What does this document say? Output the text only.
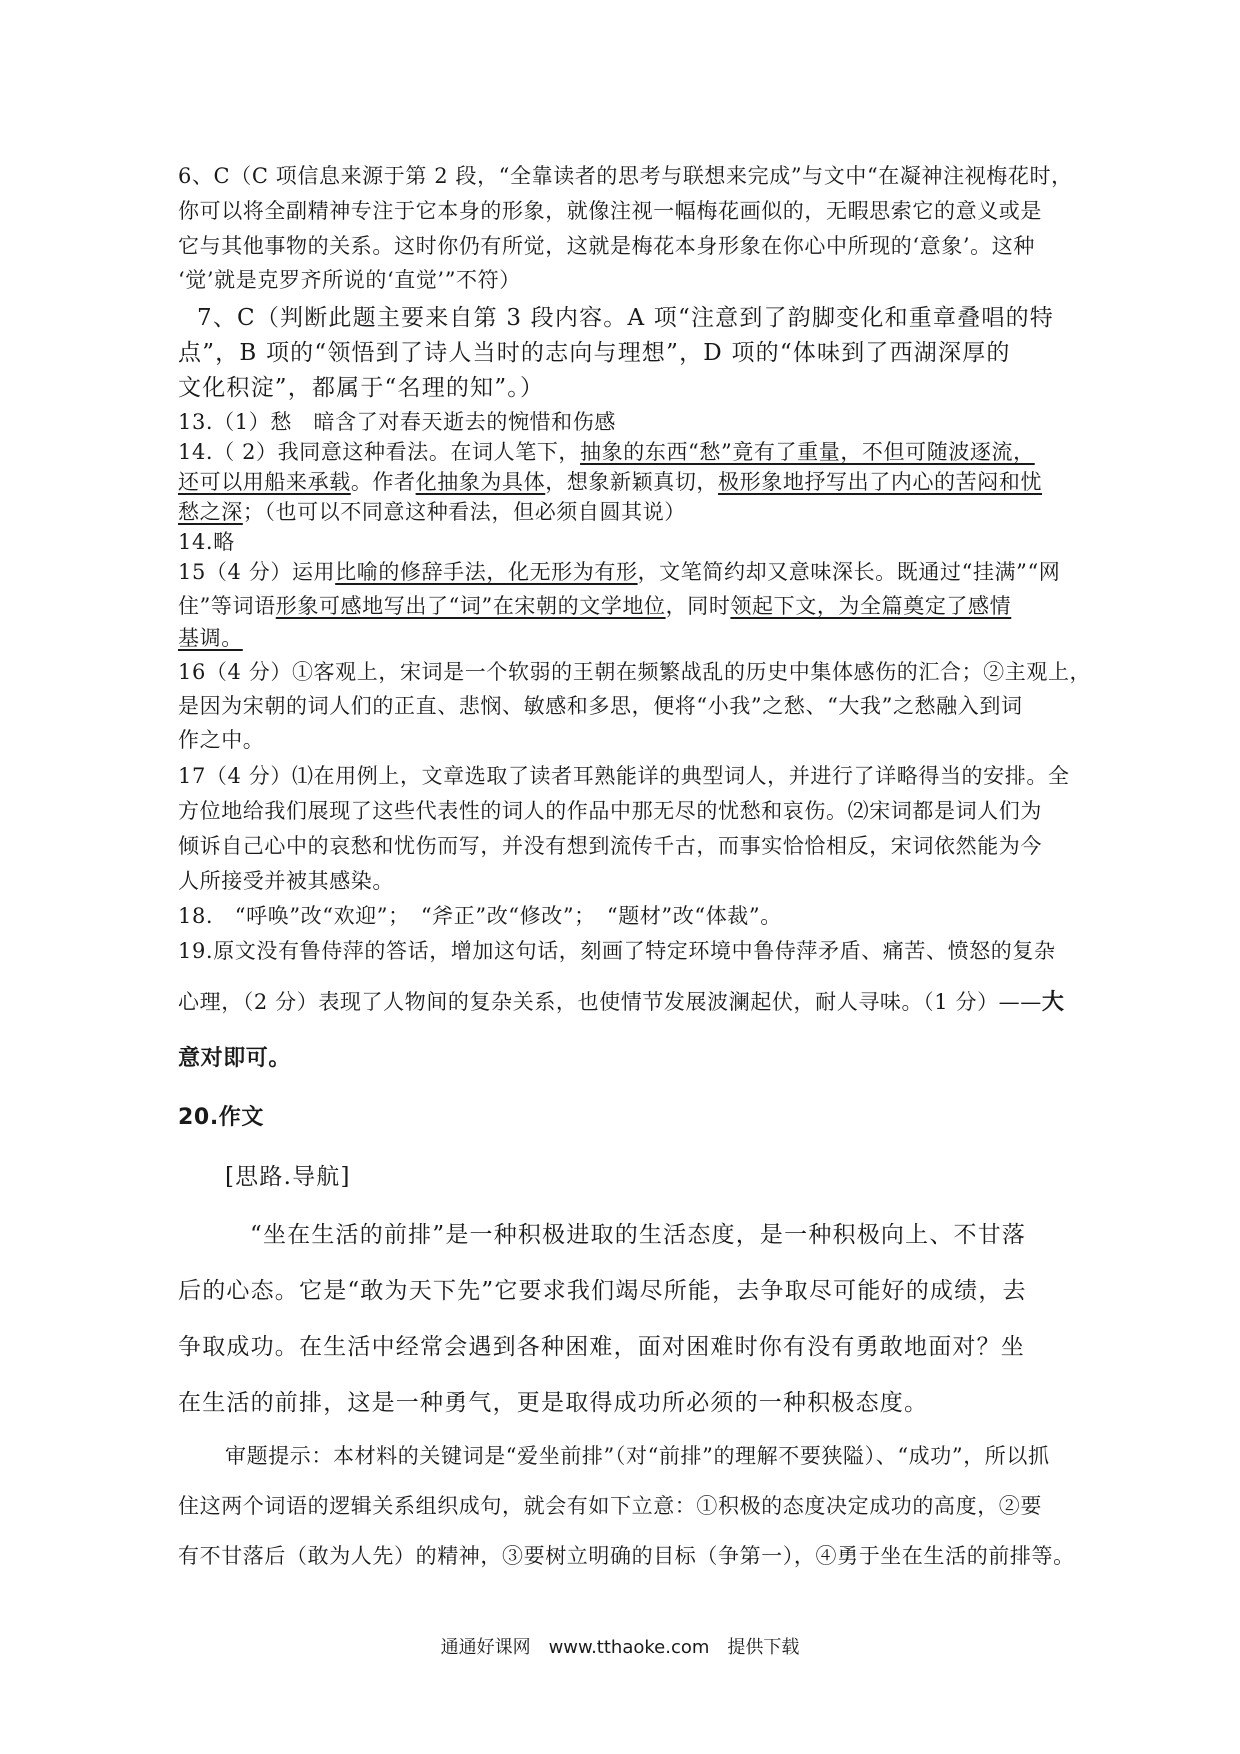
6、C（C 项信息来源于第 2 段，“全靠读者的思考与联想来完成”与文中“在凝神注视梅花时，
你可以将全副精神专注于它本身的形象，就像注视一幅梅花画似的，无暇思索它的意义或是
它与其他事物的关系。这时你仍有所觉，这就是梅花本身形象在你心中所现的‘意象’。这种
‘觉’就是克罗齐所说的‘直觉’”不符）
7、C（判断此题主要来自第 3 段内容。A 项“注意到了韵脚变化和重章叠唱的特
点”，B 项的“领悟到了诗人当时的志向与理想”，D 项的“体味到了西湖深厚的
文化积淀”，都属于“名理的知”。）
13.（1）愁　暗含了对春天逝去的惋惜和伤感
14.（ 2）我同意这种看法。在词人笔下，抽象的东西“愁”竟有了重量，不但可随波逐流，
还可以用船来承载。作者化抽象为具体，想象新颖真切，极形象地抒写出了内心的苦闷和忧
愁之深；（也可以不同意这种看法，但必须自圆其说）
14.略
15（4 分）运用比喻的修辞手法，化无形为有形，文笔简约却又意味深长。既通过“挂满”“网
住”等词语形象可感地写出了“词”在宋朝的文学地位，同时领起下文，为全篇奠定了感情
基调。
16（4 分）①客观上，宋词是一个软弱的王朝在频繁战乱的历史中集体感伤的汇合；②主观上，
是因为宋朝的词人们的正直、悲悯、敏感和多思，便将“小我”之愁、“大我”之愁融入到词
作之中。
17（4 分）⑴在用例上，文章选取了读者耳熟能详的典型词人，并进行了详略得当的安排。全
方位地给我们展现了这些代表性的词人的作品中那无尽的忧愁和哀伤。⑵宋词都是词人们为
倾诉自己心中的哀愁和忧伤而写，并没有想到流传千古，而事实恰恰相反，宋词依然能为今
人所接受并被其感染。
18.　“呼唤”改“欢迎”；　“斧正”改“修改”；　“题材”改“体裁”。
19.原文没有鲁侍萍的答话，增加这句话，刻画了特定环境中鲁侍萍矛盾、痛苦、愤怒的复杂
心理，（2 分）表现了人物间的复杂关系，也使情节发展波澜起伏，耐人寻味。（1 分）——大
意对即可。
20.作文
[思路.导航]
“坐在生活的前排”是一种积极进取的生活态度，是一种积极向上、不甘落
后的心态。它是“敢为天下先”它要求我们竭尽所能，去争取尽可能好的成绩，去
争取成功。在生活中经常会遇到各种困难，面对困难时你有没有勇敢地面对？坐
在生活的前排，这是一种勇气，更是取得成功所必须的一种积极态度。
审题提示：本材料的关键词是“爱坐前排”（对“前排”的理解不要狭隘）、“成功”，所以抓
住这两个词语的逻辑关系组织成句，就会有如下立意：①积极的态度决定成功的高度，②要
有不甘落后（敢为人先）的精神，③要树立明确的目标（争第一），④勇于坐在生活的前排等。
通通好课网　www.tthaoke.com　提供下载
